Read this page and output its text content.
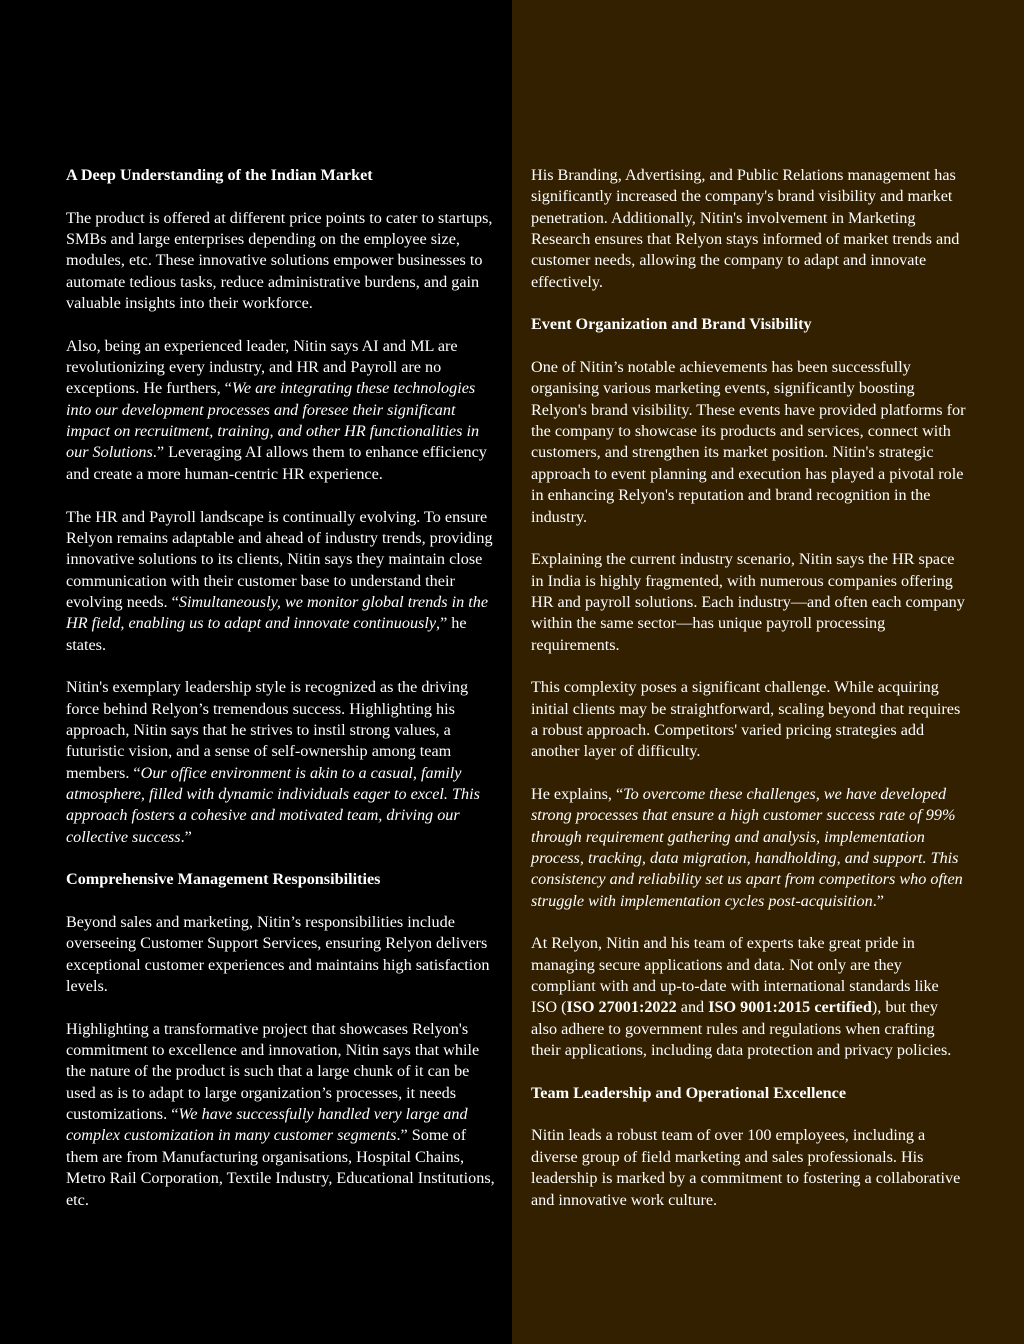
A Deep Understanding of the Indian Market

The product is offered at different price points to cater to startups, SMBs and large enterprises depending on the employee size, modules, etc. These innovative solutions empower businesses to automate tedious tasks, reduce administrative burdens, and gain valuable insights into their workforce.

Also, being an experienced leader, Nitin says AI and ML are revolutionizing every industry, and HR and Payroll are no exceptions. He furthers, “We are integrating these technologies into our development processes and foresee their significant impact on recruitment, training, and other HR functionalities in our Solutions.” Leveraging AI allows them to enhance efficiency and create a more human-centric HR experience.

The HR and Payroll landscape is continually evolving. To ensure Relyon remains adaptable and ahead of industry trends, providing innovative solutions to its clients, Nitin says they maintain close communication with their customer base to understand their evolving needs. “Simultaneously, we monitor global trends in the HR field, enabling us to adapt and innovate continuously,” he states.

Nitin's exemplary leadership style is recognized as the driving force behind Relyon’s tremendous success. Highlighting his approach, Nitin says that he strives to instil strong values, a futuristic vision, and a sense of self-ownership among team members. “Our office environment is akin to a casual, family atmosphere, filled with dynamic individuals eager to excel. This approach fosters a cohesive and motivated team, driving our collective success.”

Comprehensive Management Responsibilities

Beyond sales and marketing, Nitin’s responsibilities include overseeing Customer Support Services, ensuring Relyon delivers exceptional customer experiences and maintains high satisfaction levels.

Highlighting a transformative project that showcases Relyon's commitment to excellence and innovation, Nitin says that while the nature of the product is such that a large chunk of it can be used as is to adapt to large organization’s processes, it needs customizations. “We have successfully handled very large and complex customization in many customer segments.” Some of them are from Manufacturing organisations, Hospital Chains, Metro Rail Corporation, Textile Industry, Educational Institutions, etc.

His Branding, Advertising, and Public Relations management has significantly increased the company's brand visibility and market penetration. Additionally, Nitin's involvement in Marketing Research ensures that Relyon stays informed of market trends and customer needs, allowing the company to adapt and innovate effectively.

Event Organization and Brand Visibility

One of Nitin’s notable achievements has been successfully organising various marketing events, significantly boosting Relyon's brand visibility. These events have provided platforms for the company to showcase its products and services, connect with customers, and strengthen its market position. Nitin's strategic approach to event planning and execution has played a pivotal role in enhancing Relyon's reputation and brand recognition in the industry.

Explaining the current industry scenario, Nitin says the HR space in India is highly fragmented, with numerous companies offering HR and payroll solutions. Each industry—and often each company within the same sector—has unique payroll processing requirements.

This complexity poses a significant challenge. While acquiring initial clients may be straightforward, scaling beyond that requires a robust approach. Competitors' varied pricing strategies add another layer of difficulty.

He explains, “To overcome these challenges, we have developed strong processes that ensure a high customer success rate of 99% through requirement gathering and analysis, implementation process, tracking, data migration, handholding, and support. This consistency and reliability set us apart from competitors who often struggle with implementation cycles post-acquisition.”

At Relyon, Nitin and his team of experts take great pride in managing secure applications and data. Not only are they compliant with and up-to-date with international standards like ISO (ISO 27001:2022 and ISO 9001:2015 certified), but they also adhere to government rules and regulations when crafting their applications, including data protection and privacy policies.

Team Leadership and Operational Excellence

Nitin leads a robust team of over 100 employees, including a diverse group of field marketing and sales professionals. His leadership is marked by a commitment to fostering a collaborative and innovative work culture.
